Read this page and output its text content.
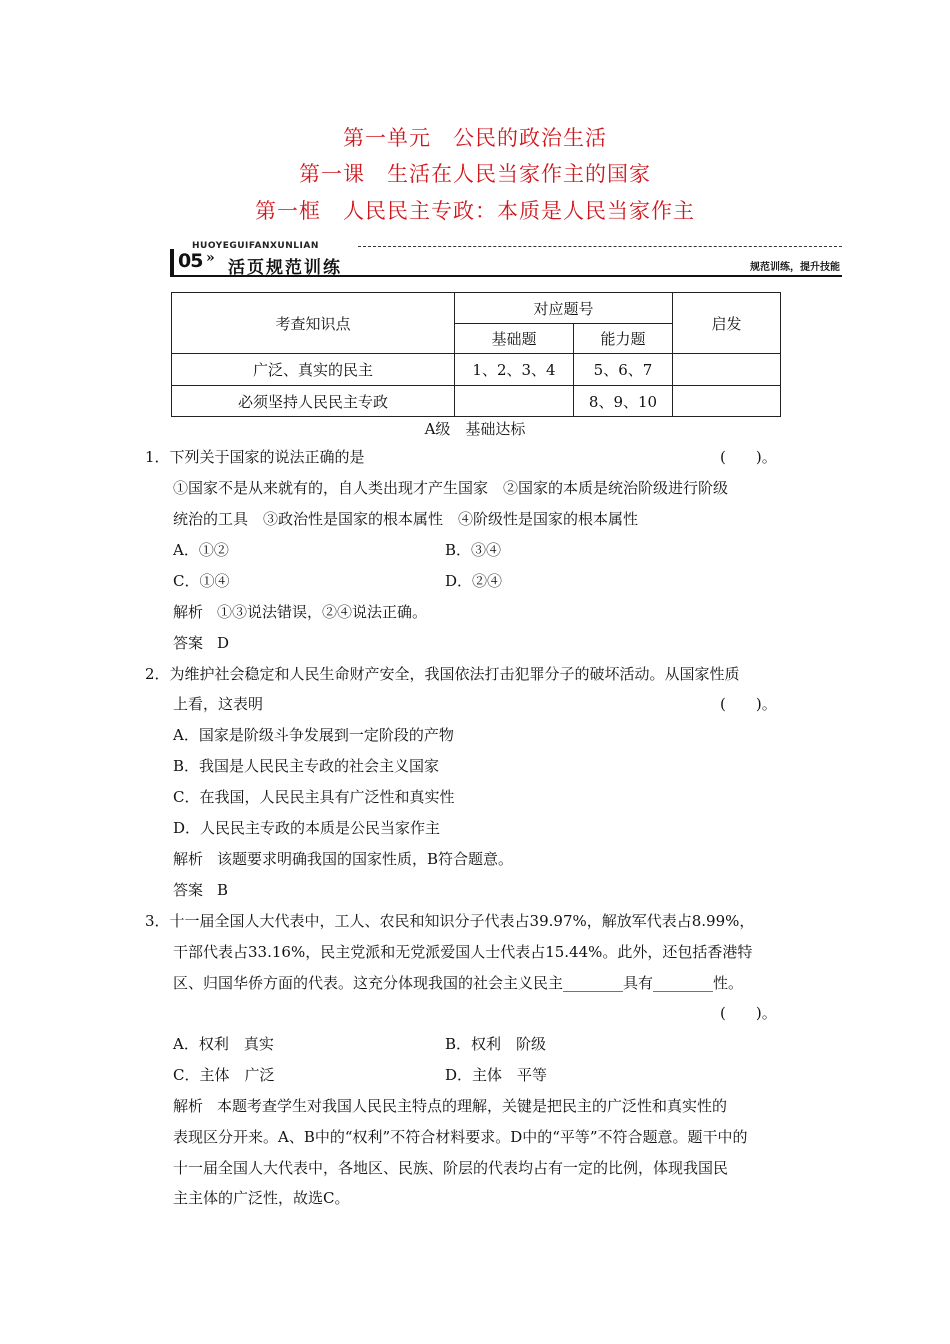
第一单元　公民的政治生活
第一课　生活在人民当家作主的国家
第一框　人民民主专政：本质是人民当家作主
HUOYEGUIFANXUNLIAN
05 » 活页规范训练	规范训练，提升技能
考查知识点	对应题号		启发
	基础题	能力题	
广泛、真实的民主	1、2、3、4	5、6、7	
必须坚持人民民主专政		8、9、10	
A级　基础达标
1．下列关于国家的说法正确的是	(　　)。
①国家不是从来就有的，自人类出现才产生国家　②国家的本质是统治阶级进行阶级
统治的工具　③政治性是国家的根本属性　④阶级性是国家的根本属性
A．①②	B．③④
C．①④	D．②④
解析 ①③说法错误，②④说法正确。
答案 D
2．为维护社会稳定和人民生命财产安全，我国依法打击犯罪分子的破坏活动。从国家性质
上看，这表明	(　　)。
A．国家是阶级斗争发展到一定阶段的产物
B．我国是人民民主专政的社会主义国家
C．在我国，人民民主具有广泛性和真实性
D．人民民主专政的本质是公民当家作主
解析 该题要求明确我国的国家性质，B符合题意。
答案 B
3．十一届全国人大代表中，工人、农民和知识分子代表占39.97%，解放军代表占8.99%，
干部代表占33.16%，民主党派和无党派爱国人士代表占15.44%。此外，还包括香港特
区、归国华侨方面的代表。这充分体现我国的社会主义民主________具有________性。
(　　)。
A．权利　真实	B．权利　阶级
C．主体　广泛	D．主体　平等
解析 本题考查学生对我国人民民主特点的理解，关键是把民主的广泛性和真实性的
表现区分开来。A、B中的“权利”不符合材料要求。D中的“平等”不符合题意。题干中的
十一届全国人大代表中，各地区、民族、阶层的代表均占有一定的比例，体现我国民
主主体的广泛性，故选C。
